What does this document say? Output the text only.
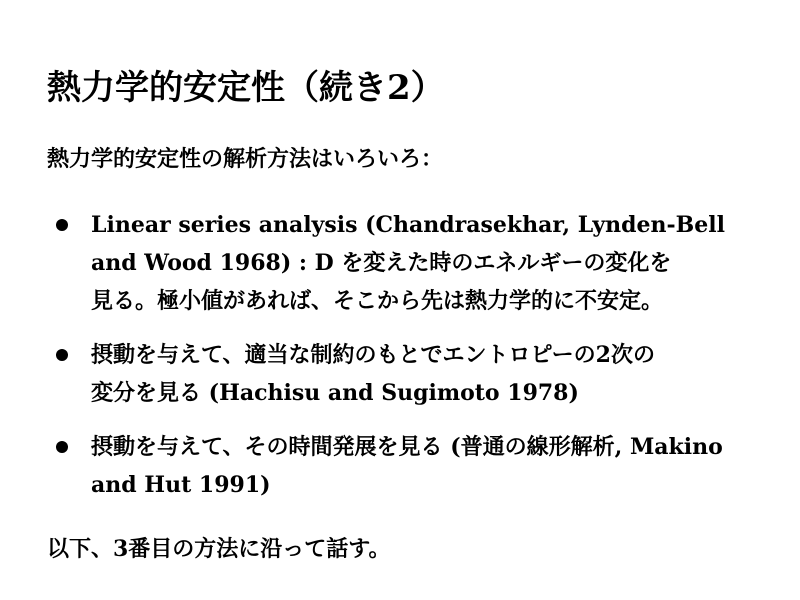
熱力学的安定性（続き2）
熱力学的安定性の解析方法はいろいろ：
Linear series analysis (Chandrasekhar, Lynden-Bell
and Wood 1968) : D を変えた時のエネルギーの変化を
見る。極小値があれば、そこから先は熱力学的に不安定。
摂動を与えて、適当な制約のもとでエントロピーの2次の
変分を見る (Hachisu and Sugimoto 1978)
摂動を与えて、その時間発展を見る (普通の線形解析, Makino
and Hut 1991)
以下、3番目の方法に沿って話す。
